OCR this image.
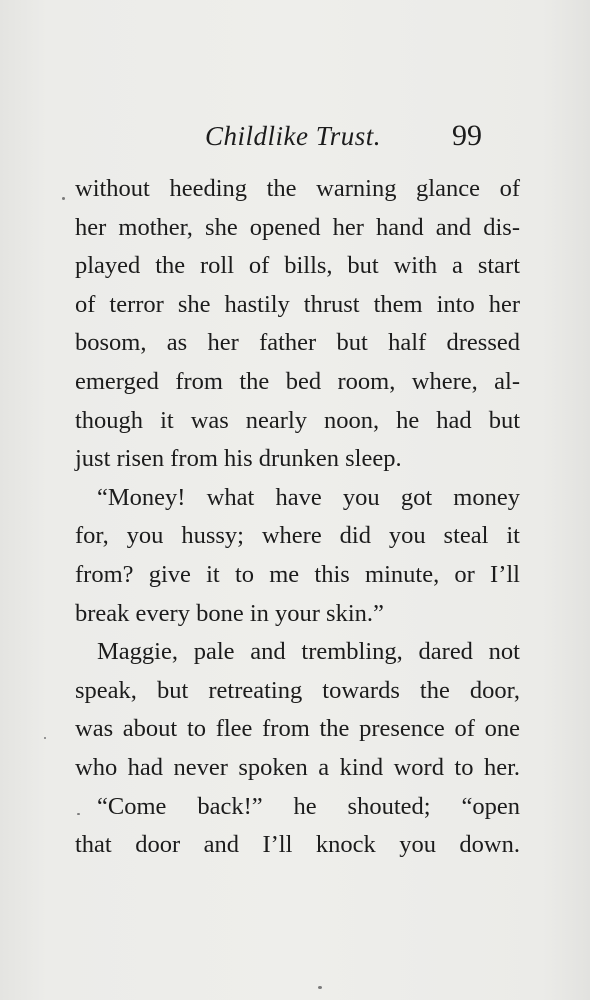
Childlike Trust. 99
without heeding the warning glance of
her mother, she opened her hand and dis-
played the roll of bills, but with a start
of terror she hastily thrust them into her
bosom, as her father but half dressed
emerged from the bed room, where, al-
though it was nearly noon, he had but
just risen from his drunken sleep.
“Money! what have you got money
for, you hussy; where did you steal it
from? give it to me this minute, or I’ll
break every bone in your skin.”
Maggie, pale and trembling, dared not
speak, but retreating towards the door,
was about to flee from the presence of one
who had never spoken a kind word to her.
“Come back!” he shouted; “open
that door and I’ll knock you down.
